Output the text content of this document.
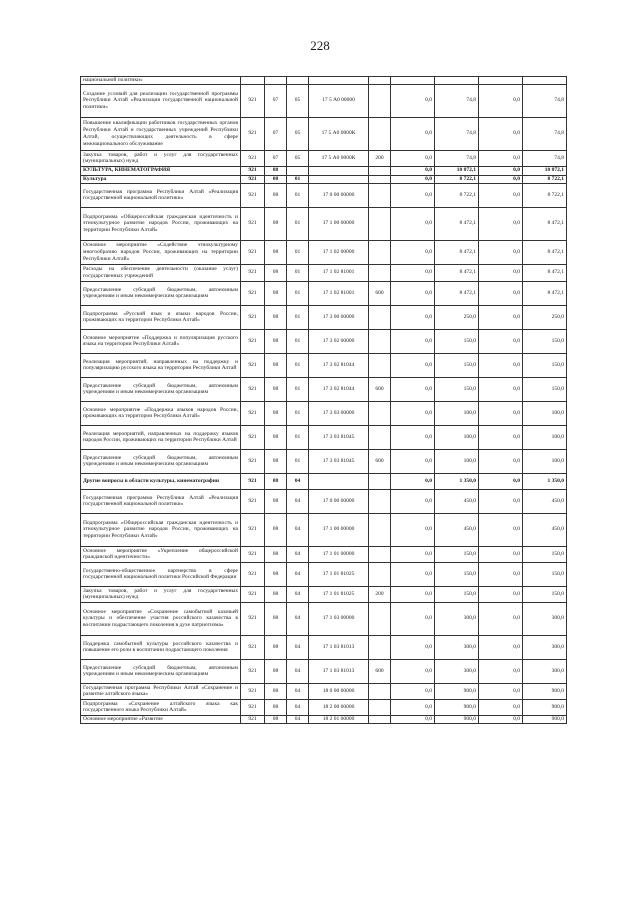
228
национальной политики»									
Создание условий для реализации государственной программы Республики Алтай «Реализация государственной национальной политики»	921	07	05	17 5 А0 00000		0,0	74,8	0,0	74,8
Повышение квалификации работников государственных органов Республики Алтай и государственных учреждений Республики Алтай, осуществляющих деятельность в сфере межнационального обслуживание	921	07	05	17 5 А0 0000К		0,0	74,8	0,0	74,8
Закупка товаров, работ и услуг для государственных (муниципальных) нужд	921	07	05	17 5 А0 0000К	200	0,0	74,8	0,0	74,8
КУЛЬТУРА, КИНЕМАТОГРАФИЯ	921	08				0,0	10 072,1	0,0	10 072,1
Культура	921	08	01			0,0	8 722,1	0,0	8 722,1
Государственная программа Республики Алтай «Реализация государственной национальной политики»	921	08	01	17 0 00 00000		0,0	8 722,1	0,0	8 722,1
Подпрограмма «Общероссийская гражданская идентичность и этнокультурное развитие народов России, проживающих на территории Республики Алтай»	921	08	01	17 1 00 00000		0,0	8 472,1	0,0	8 472,1
Основное мероприятие «Содействие этнокультурному многообразию народов России, проживающих на территории Республики Алтай»	921	08	01	17 1 02 00000		0,0	8 472,1	0,0	8 472,1
Расходы на обеспечение деятельности (оказание услуг) государственных учреждений	921	08	01	17 1 02 81001		0,0	8 472,1	0,0	8 472,1
Предоставление субсидий бюджетным, автономным учреждениям и иным некоммерческим организациям	921	08	01	17 1 02 81001	600	0,0	8 472,1	0,0	8 472,1
Подпрограмма «Русский язык и языки народов России, проживающих на территории Республики Алтай»	921	08	01	17 3 00 00000		0,0	250,0	0,0	250,0
Основное мероприятие «Поддержка и популяризация русского языка на территории Республики Алтай»	921	08	01	17 3 02 00000		0,0	150,0	0,0	150,0
Реализация мероприятий, направленных на поддержку и популяризацию русского языка на территории Республики Алтай	921	08	01	17 3 02 81044		0,0	150,0	0,0	150,0
Предоставление субсидий бюджетным, автономным учреждениям и иным некоммерческим организациям	921	08	01	17 3 02 81044	600	0,0	150,0	0,0	150,0
Основное мероприятие «Поддержка языков народов России, проживающих на территории Республики Алтай»	921	08	01	17 3 03 00000		0,0	100,0	0,0	100,0
Реализация мероприятий, направленных на поддержку языков народов России, проживающих на территории Республики Алтай	921	08	01	17 3 03 81045		0,0	100,0	0,0	100,0
Предоставление субсидий бюджетным, автономным учреждениям и иным некоммерческим организациям	921	08	01	17 3 03 81045	600	0,0	100,0	0,0	100,0
Другие вопросы в области культуры, кинематографии	921	08	04			0,0	1 350,0	0,0	1 350,0
Государственная программа Республики Алтай «Реализация государственной национальной политики»	921	08	04	17 0 00 00000		0,0	450,0	0,0	450,0
Подпрограмма «Общероссийская гражданская идентичность и этнокультурное развитие народов России, проживающих на территории Республики Алтай»	921	08	04	17 1 00 00000		0,0	450,0	0,0	450,0
Основное мероприятие «Укрепление общероссийской гражданской идентичности»	921	08	04	17 1 01 00000		0,0	150,0	0,0	150,0
Государственно-общественное партнерство в сфере государственной национальной политики Российской Федерации	921	08	04	17 1 01 81025		0,0	150,0	0,0	150,0
Закупка товаров, работ и услуг для государственных (муниципальных) нужд	921	08	04	17 1 01 81025	200	0,0	150,0	0,0	150,0
Основное мероприятие «Сохранение самобытной казачьей культуры и обеспечение участия российского казачества в воспитании подрастающего поколения в духе патриотизма»	921	08	04	17 1 03 00000		0,0	300,0	0,0	300,0
Поддержка самобытной культуры российского казачества и повышение его роли в воспитании подрастающего поколения	921	08	04	17 1 03 81013		0,0	300,0	0,0	300,0
Предоставление субсидий бюджетным, автономным учреждениям и иным некоммерческим организациям	921	08	04	17 1 03 81013	600	0,0	300,0	0,0	300,0
Государственная программа Республики Алтай «Сохранение и развитие алтайского языка»	921	08	04	18 0 00 00000		0,0	900,0	0,0	900,0
Подпрограмма «Сохранение алтайского языка как государственного языка Республики Алтай»	921	08	04	18 2 00 00000		0,0	900,0	0,0	900,0
Основное мероприятие «Развитие	921	08	04	18 2 01 00000		0,0	900,0	0,0	900,0
